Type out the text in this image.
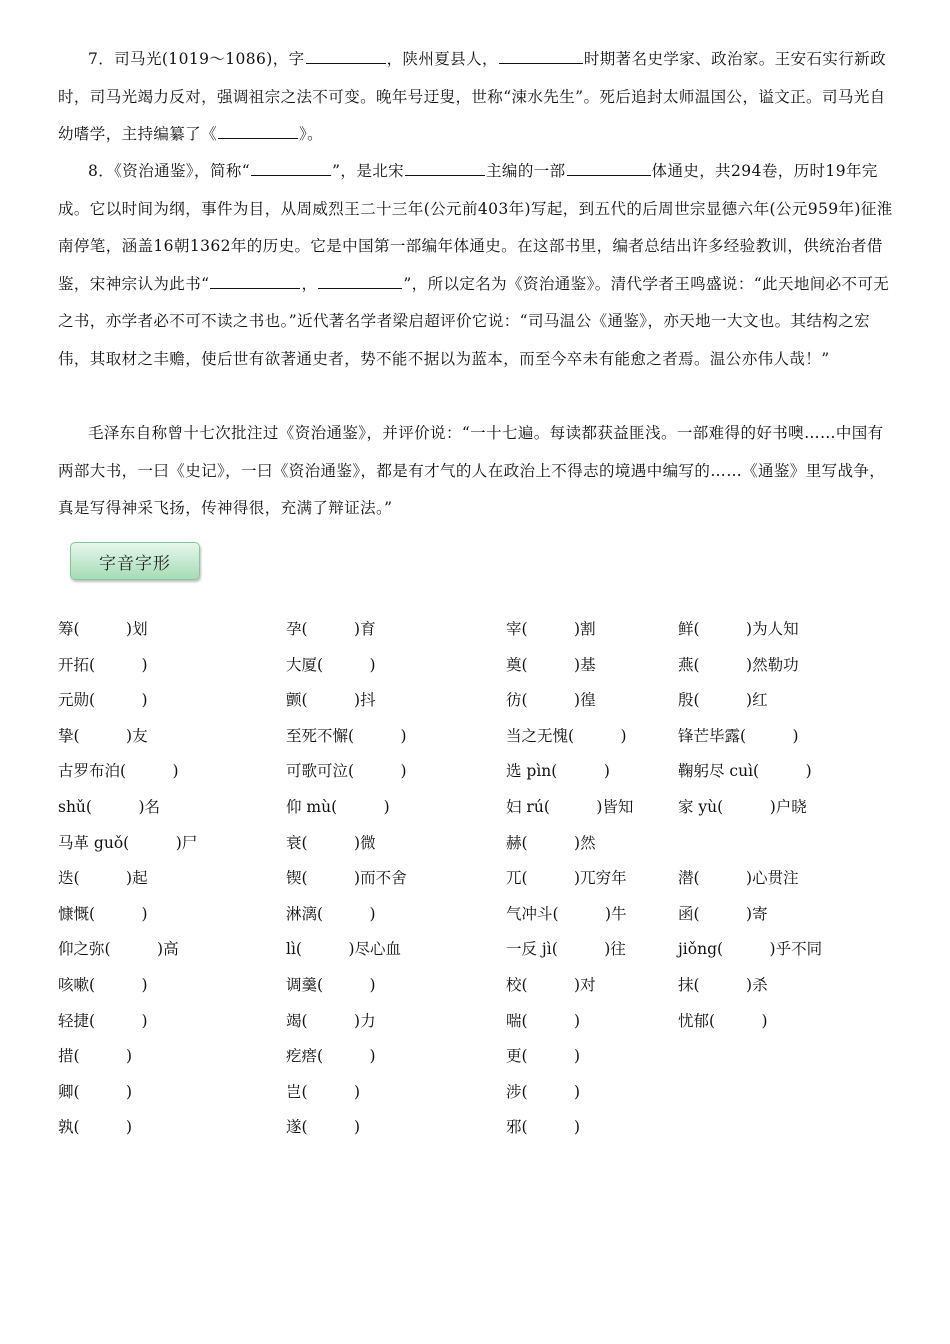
7．司马光(1019～1086)，字	，陕州夏县人，	时期著名史学家、政治家。王安石实行新政时，司马光竭力反对，强调祖宗之法不可变。晚年号迂叟，世称“涑水先生”。死后追封太师温国公，谥文正。司马光自幼嗜学，主持编纂了《	》。

8．《资治通鉴》，简称“	”，是北宋	主编的一部	体通史，共294卷，历时19年完成。它以时间为纲，事件为目，从周威烈王二十三年(公元前403年)写起，到五代的后周世宗显德六年(公元959年)征淮南停笔，涵盖16朝1362年的历史。它是中国第一部编年体通史。在这部书里，编者总结出许多经验教训，供统治者借鉴，宋神宗认为此书“	，	”，所以定名为《资治通鉴》。清代学者王鸣盛说：“此天地间必不可无之书，亦学者必不可不读之书也。”近代著名学者梁启超评价它说：“司马温公《通鉴》，亦天地一大文也。其结构之宏伟，其取材之丰赡，使后世有欲著通史者，势不能不据以为蓝本，而至今卒未有能愈之者焉。温公亦伟人哉！”

毛泽东自称曾十七次批注过《资治通鉴》，并评价说：“一十七遍。每读都获益匪浅。一部难得的好书噢……中国有两部大书，一曰《史记》，一曰《资治通鉴》，都是有才气的人在政治上不得志的境遇中编写的……《通鉴》里写战争，真是写得神采飞扬，传神得很，充满了辩证法。”

字音字形
筹(　　　)划	孕(　　　)育	宰(　　　)割	鲜(　　　)为人知
开拓(　　　)	大厦(　　　)	奠(　　　)基	燕(　　　)然勒功
元勋(　　　)	颤(　　　)抖	彷(　　　)徨	殷(　　　)红
挚(　　　)友	至死不懈(　　　)	当之无愧(　　　)	锋芒毕露(　　　)
古罗布泊(　　　)	可歌可泣(　　　)	选 pìn(　　　)	鞠躬尽 cuì(　　　)
shǔ(　　　)名	仰 mù(　　　)	妇 rú(　　　)皆知	家 yù(　　　)户晓
马革 guǒ(　　　)尸	衰(　　　)微	赫(　　　)然
迭(　　　)起	锲(　　　)而不舍	兀(　　　)兀穷年	潜(　　　)心贯注
慷慨(　　　)	淋漓(　　　)	气冲斗(　　　)牛	函(　　　)寄
仰之弥(　　　)高	lì(　　　)尽心血	一反 jì(　　　)往	jiǒng(　　　)乎不同
咳嗽(　　　)	调羹(　　　)	校(　　　)对	抹(　　　)杀
轻捷(　　　)	竭(　　　)力	喘(　　　)	忧郁(　　　)
措(　　　)	疙瘩(　　　)	更(　　　)
卿(　　　)	岂(　　　)	涉(　　　)
孰(　　　)	遂(　　　)	邪(　　　)
